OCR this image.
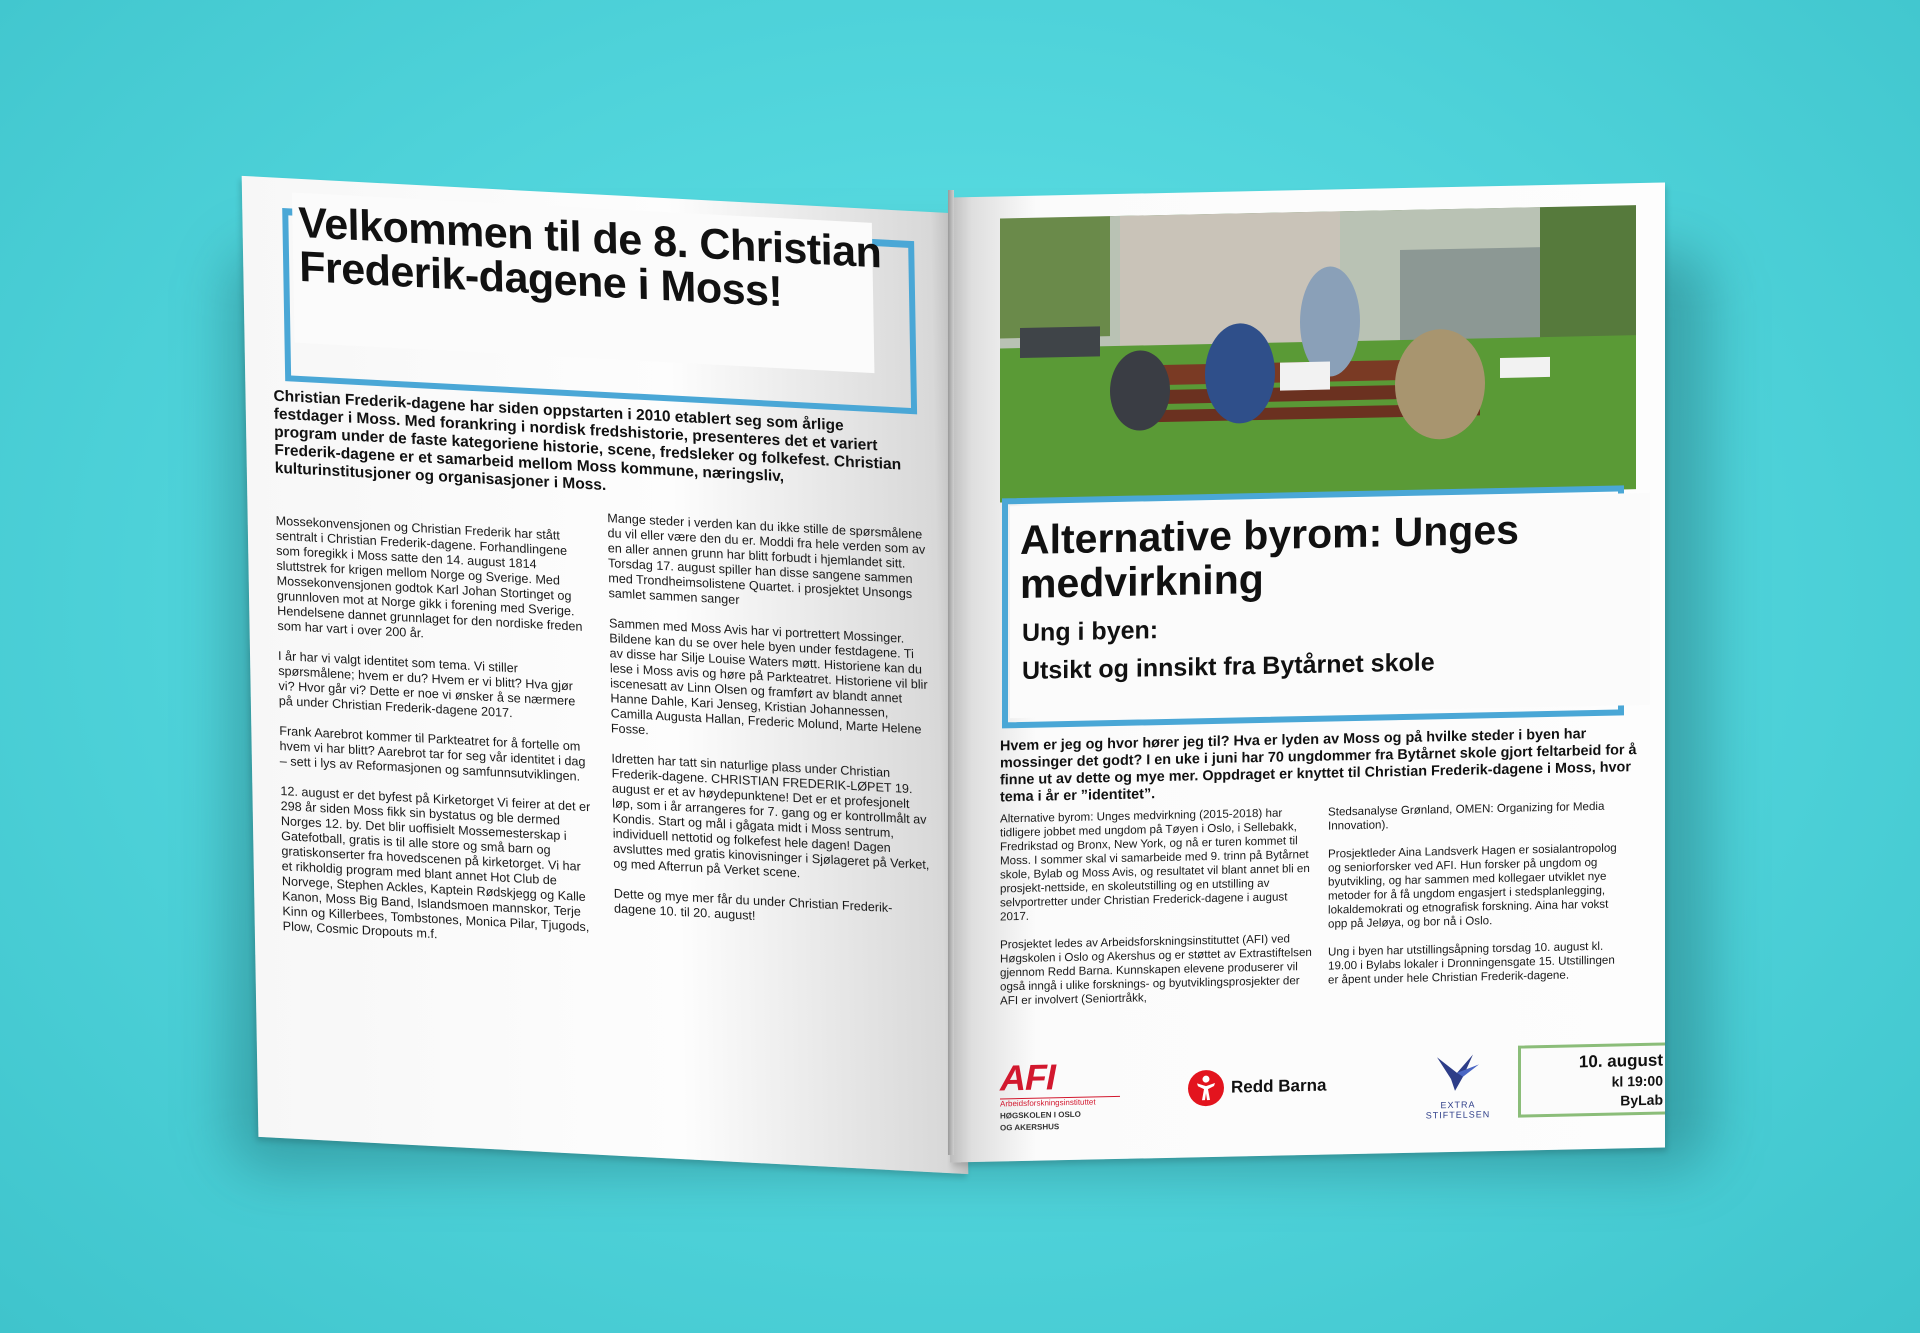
Velkommen til de 8. Christian Frederik-dagene i Moss!

Christian Frederik-dagene har siden oppstarten i 2010 etablert seg som årlige festdager i Moss. Med forankring i nordisk fredshistorie, presenteres det et variert program under de faste kategoriene historie, scene, fredsleker og folkefest. Christian Frederik-dagene er et samarbeid mellom Moss kommune, næringsliv, kulturinstitusjoner og organisasjoner i Moss.

Mossekonvensjonen og Christian Frederik har stått sentralt i Christian Frederik-dagene. Forhandlingene som foregikk i Moss satte den 14. august 1814 sluttstrek for krigen mellom Norge og Sverige. Med Mossekonvensjonen godtok Karl Johan Stortinget og grunnloven mot at Norge gikk i forening med Sverige. Hendelsene dannet grunnlaget for den nordiske freden som har vart i over 200 år.

I år har vi valgt identitet som tema. Vi stiller spørsmålene; hvem er du? Hvem er vi blitt? Hva gjør vi? Hvor går vi? Dette er noe vi ønsker å se nærmere på under Christian Frederik-dagene 2017.

Frank Aarebrot kommer til Parkteatret for å fortelle om hvem vi har blitt? Aarebrot tar for seg vår identitet i dag – sett i lys av Reformasjonen og samfunnsutviklingen.

12. august er det byfest på Kirketorget Vi feirer at det er 298 år siden Moss fikk sin bystatus og ble dermed Norges 12. by. Det blir uoffisielt Mossemesterskap i Gatefotball, gratis is til alle store og små barn og gratiskonserter fra hovedscenen på kirketorget. Vi har et rikholdig program med blant annet Hot Club de Norvege, Stephen Ackles, Kaptein Rødskjegg og Kalle Kanon, Moss Big Band, Islandsmoen mannskor, Terje Kinn og Killerbees, Tombstones, Monica Pilar, Tjugods, Plow, Cosmic Dropouts m.f.

Mange steder i verden kan du ikke stille de spørsmålene du vil eller være den du er. Moddi fra hele verden som av en aller annen grunn har blitt forbudt i hjemlandet sitt. Torsdag 17. august spiller han disse sangene sammen med Trondheimsolistene Quartet. i prosjektet Unsongs samlet sammen sanger

Sammen med Moss Avis har vi portrettert Mossinger. Bildene kan du se over hele byen under festdagene. Ti av disse har Silje Louise Waters møtt. Historiene kan du lese i Moss avis og høre på Parkteatret. Historiene vil blir iscenesatt av Linn Olsen og framført av blandt annet Hanne Dahle, Kari Jenseg, Kristian Johannessen, Camilla Augusta Hallan, Frederic Molund, Marte Helene Fosse.

Idretten har tatt sin naturlige plass under Christian Frederik-dagene. CHRISTIAN FREDERIK-LØPET 19. august er et av høydepunktene! Det er et profesjonelt løp, som i år arrangeres for 7. gang og er kontrollmålt av Kondis. Start og mål i gågata midt i Moss sentrum, individuell nettotid og folkefest hele dagen! Dagen avsluttes med gratis kinovisninger i Sjølageret på Verket, og med Afterrun på Verket scene.

Dette og mye mer får du under Christian Frederik-dagene 10. til 20. august!

Alternative byrom: Unges medvirkning
Ung i byen:
Utsikt og innsikt fra Bytårnet skole

Hvem er jeg og hvor hører jeg til? Hva er lyden av Moss og på hvilke steder i byen har mossinger det godt? I en uke i juni har 70 ungdommer fra Bytårnet skole gjort feltarbeid for å finne ut av dette og mye mer. Oppdraget er knyttet til Christian Frederik-dagene i Moss, hvor tema i år er ”identitet”.

Alternative byrom: Unges medvirkning (2015-2018) har tidligere jobbet med ungdom på Tøyen i Oslo, i Sellebakk, Fredrikstad og Bronx, New York, og nå er turen kommet til Moss. I sommer skal vi samarbeide med 9. trinn på Bytårnet skole, Bylab og Moss Avis, og resultatet vil blant annet bli en prosjekt-nettside, en skoleutstilling og en utstilling av selvportretter under Christian Frederick-dagene i august 2017.

Prosjektet ledes av Arbeidsforskningsinstituttet (AFI) ved Høgskolen i Oslo og Akershus og er støttet av Extrastiftelsen gjennom Redd Barna. Kunnskapen elevene produserer vil også inngå i ulike forsknings- og byutviklingsprosjekter der AFI er involvert (Seniortråkk,

Stedsanalyse Grønland, OMEN: Organizing for Media Innovation).

Prosjektleder Aina Landsverk Hagen er sosialantropolog og seniorforsker ved AFI. Hun forsker på ungdom og byutvikling, og har sammen med kollegaer utviklet nye metoder for å få ungdom engasjert i stedsplanlegging, lokaldemokrati og etnografisk forskning. Aina har vokst opp på Jeløya, og bor nå i Oslo.

Ung i byen har utstillingsåpning torsdag 10. august kl. 19.00 i Bylabs lokaler i Dronningensgate 15. Utstillingen er åpent under hele Christian Frederik-dagene.

AFI
Arbeidsforskningsinstituttet
HØGSKOLEN I OSLO
OG AKERSHUS
Redd Barna
EXTRA
STIFTELSEN
10. august
kl 19:00
ByLab
